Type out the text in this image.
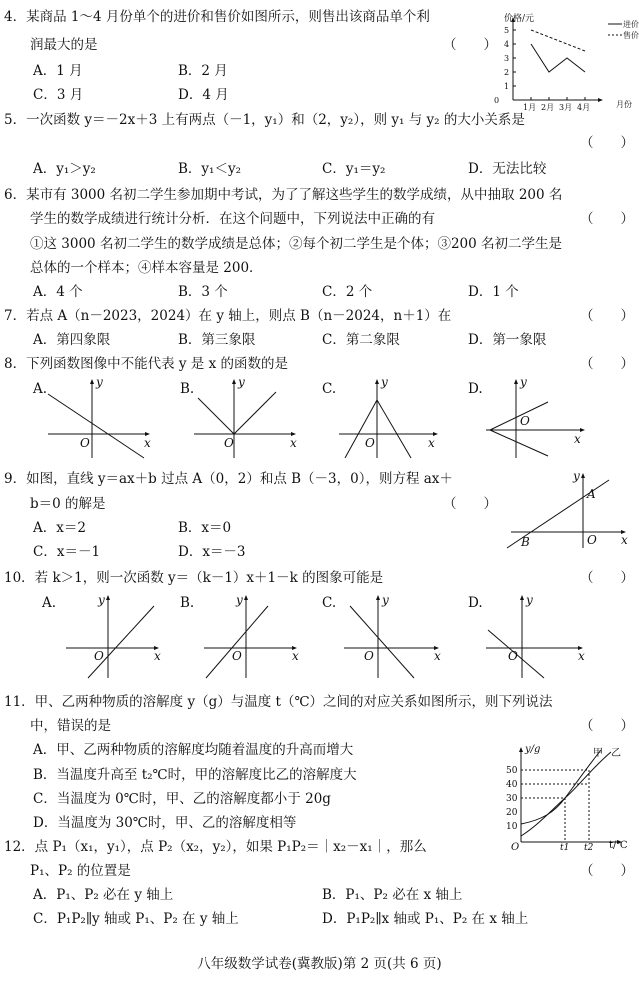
4．某商品 1～4 月份单个的进价和售价如图所示，则售出该商品单个利
润最大的是	（　　）
A．1 月	B．2 月
C．3 月	D．4 月
价格/元
0
1
2
3
4
5
1月 2月 3月 4月
进价
售价
月份
5．一次函数 y＝－2x＋3 上有两点（－1，y₁）和（2，y₂），则 y₁ 与 y₂ 的大小关系是
（　　）
A．y₁＞y₂	B．y₁＜y₂	C．y₁＝y₂	D．无法比较
6．某市有 3000 名初二学生参加期中考试，为了了解这些学生的数学成绩，从中抽取 200 名
学生的数学成绩进行统计分析．在这个问题中，下列说法中正确的有	（　　）
①这 3000 名初二学生的数学成绩是总体；②每个初二学生是个体；③200 名初二学生是
总体的一个样本；④样本容量是 200．
A．4 个	B．3 个	C．2 个	D．1 个
7．若点 A（n－2023，2024）在 y 轴上，则点 B（n－2024，n＋1）在	（　　）
A．第四象限	B．第三象限	C．第二象限	D．第一象限
8．下列函数图像中不能代表 y 是 x 的函数的是	（　　）
A.	y
x
O
B.	y
x
O
C.	y
x
O
D.	y
x
O
9．如图，直线 y＝ax＋b 过点 A（0，2）和点 B（－3，0），则方程 ax＋
b＝0 的解是	（　　）
A．x＝2	B．x＝0
C．x＝－1	D．x＝－3
y
x
O
A
B
10．若 k＞1，则一次函数 y＝（k－1）x＋1－k 的图象可能是	（　　）
A.	y
x
O
B.	y
x
O
C.	y
x
O
D.	y
x
O
11．甲、乙两种物质的溶解度 y（g）与温度 t（℃）之间的对应关系如图所示，则下列说法
中，错误的是	（　　）
A．甲、乙两种物质的溶解度均随着温度的升高而增大
B．当温度升高至 t₂℃时，甲的溶解度比乙的溶解度大
C．当温度为 0℃时，甲、乙的溶解度都小于 20g
D．当温度为 30℃时，甲、乙的溶解度相等
y/g
t/℃
O
50
40
30
20
10
甲 乙
t1 t2
12．点 P₁（x₁，y₁），点 P₂（x₂，y₂），如果 P₁P₂＝｜x₂－x₁｜，那么
P₁、P₂ 的位置是	（　　）
A．P₁、P₂ 必在 y 轴上	B．P₁、P₂ 必在 x 轴上
C．P₁P₂∥y 轴或 P₁、P₂ 在 y 轴上	D．P₁P₂∥x 轴或 P₁、P₂ 在 x 轴上
八年级数学试卷(冀教版)第 2 页(共 6 页)
